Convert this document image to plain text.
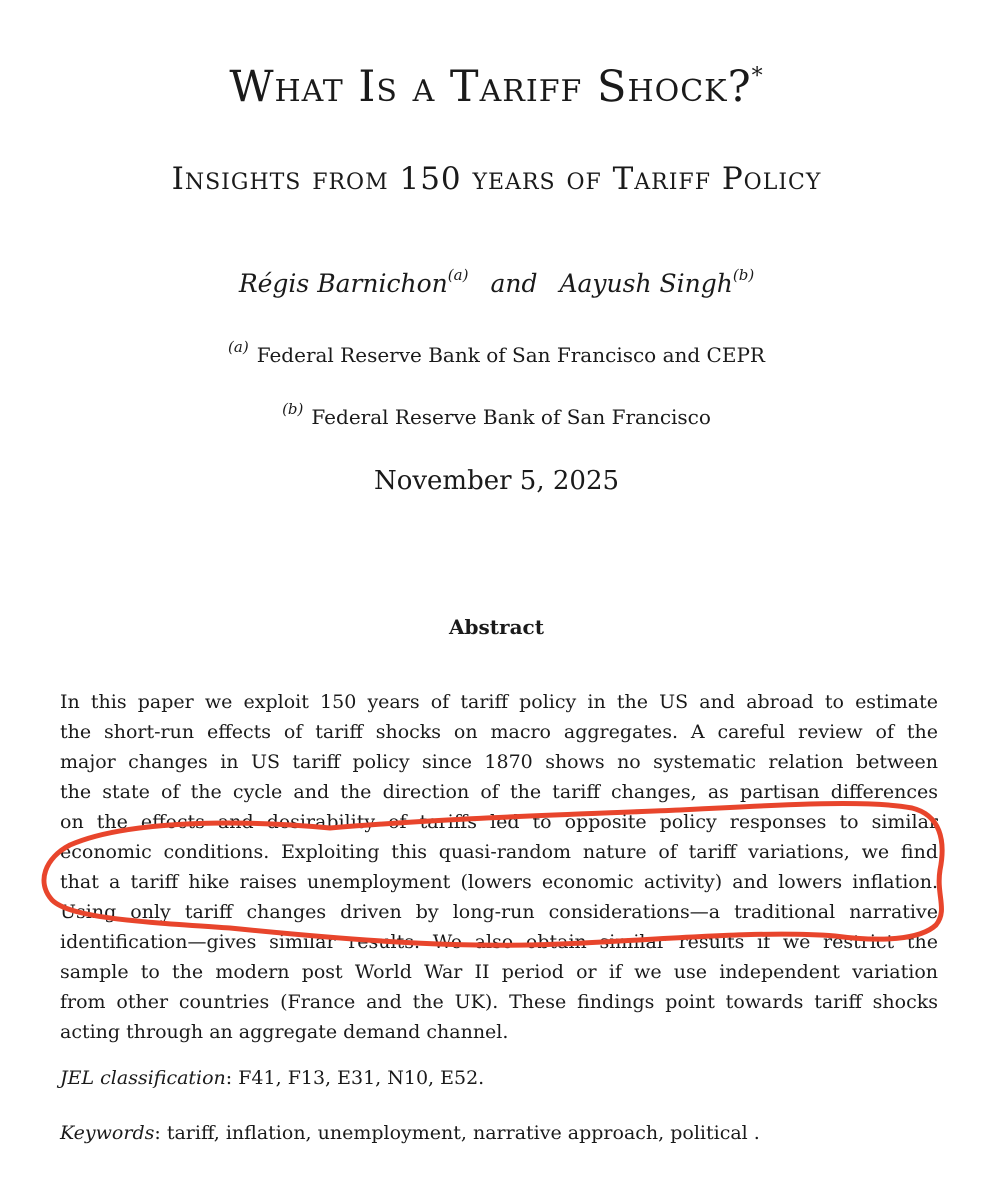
What Is a Tariff Shock?*
Insights from 150 years of Tariff Policy
Régis Barnichon$^{(a)}$ and Aayush Singh$^{(b)}$
$^{(a)}$ Federal Reserve Bank of San Francisco and CEPR
$^{(b)}$ Federal Reserve Bank of San Francisco
November 5, 2025
Abstract
In this paper we exploit 150 years of tariff policy in the US and abroad to estimate
the short-run effects of tariff shocks on macro aggregates. A careful review of the
major changes in US tariff policy since 1870 shows no systematic relation between
the state of the cycle and the direction of the tariff changes, as partisan differences
on the effects and desirability of tariffs led to opposite policy responses to similar
economic conditions. Exploiting this quasi-random nature of tariff variations, we find
that a tariff hike raises unemployment (lowers economic activity) and lowers inflation.
Using only tariff changes driven by long-run considerations—a traditional narrative
identification—gives similar results. We also obtain similar results if we restrict the
sample to the modern post World War II period or if we use independent variation
from other countries (France and the UK). These findings point towards tariff shocks
acting through an aggregate demand channel.
JEL classification: F41, F13, E31, N10, E52.
Keywords: tariff, inflation, unemployment, narrative approach, political .
